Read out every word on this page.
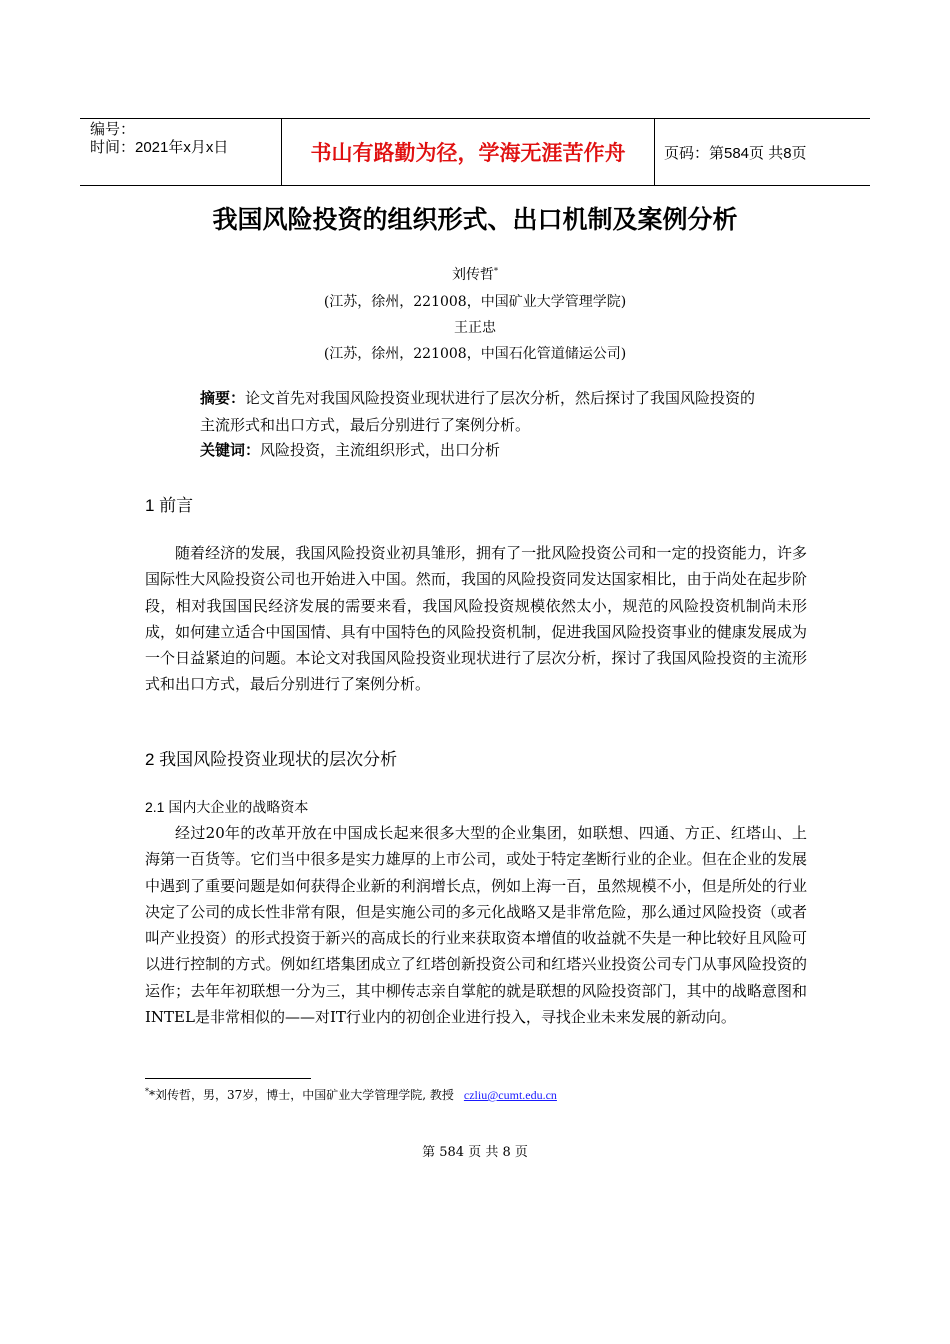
编号：
时间：2021年x月x日	书山有路勤为径，学海无涯苦作舟	页码：第584页 共8页
我国风险投资的组织形式、出口机制及案例分析
刘传哲*
(江苏，徐州，221008，中国矿业大学管理学院)
王正忠
(江苏，徐州，221008，中国石化管道储运公司)
摘要：论文首先对我国风险投资业现状进行了层次分析，然后探讨了我国风险投资的主流形式和出口方式，最后分别进行了案例分析。
关键词：风险投资，主流组织形式，出口分析
1 前言
随着经济的发展，我国风险投资业初具雏形，拥有了一批风险投资公司和一定的投资能力，许多国际性大风险投资公司也开始进入中国。然而，我国的风险投资同发达国家相比，由于尚处在起步阶段，相对我国国民经济发展的需要来看，我国风险投资规模依然太小，规范的风险投资机制尚未形成，如何建立适合中国国情、具有中国特色的风险投资机制，促进我国风险投资事业的健康发展成为一个日益紧迫的问题。本论文对我国风险投资业现状进行了层次分析，探讨了我国风险投资的主流形式和出口方式，最后分别进行了案例分析。
2 我国风险投资业现状的层次分析
2.1 国内大企业的战略资本
经过20年的改革开放在中国成长起来很多大型的企业集团，如联想、四通、方正、红塔山、上海第一百货等。它们当中很多是实力雄厚的上市公司，或处于特定垄断行业的企业。但在企业的发展中遇到了重要问题是如何获得企业新的利润增长点，例如上海一百，虽然规模不小，但是所处的行业决定了公司的成长性非常有限，但是实施公司的多元化战略又是非常危险，那么通过风险投资（或者叫产业投资）的形式投资于新兴的高成长的行业来获取资本增值的收益就不失是一种比较好且风险可以进行控制的方式。例如红塔集团成立了红塔创新投资公司和红塔兴业投资公司专门从事风险投资的运作；去年年初联想一分为三，其中柳传志亲自掌舵的就是联想的风险投资部门，其中的战略意图和INTEL是非常相似的——对IT行业内的初创企业进行投入，寻找企业未来发展的新动向。
**刘传哲，男，37岁，博士，中国矿业大学管理学院, 教授 czliu@cumt.edu.cn
第 584 页 共 8 页
